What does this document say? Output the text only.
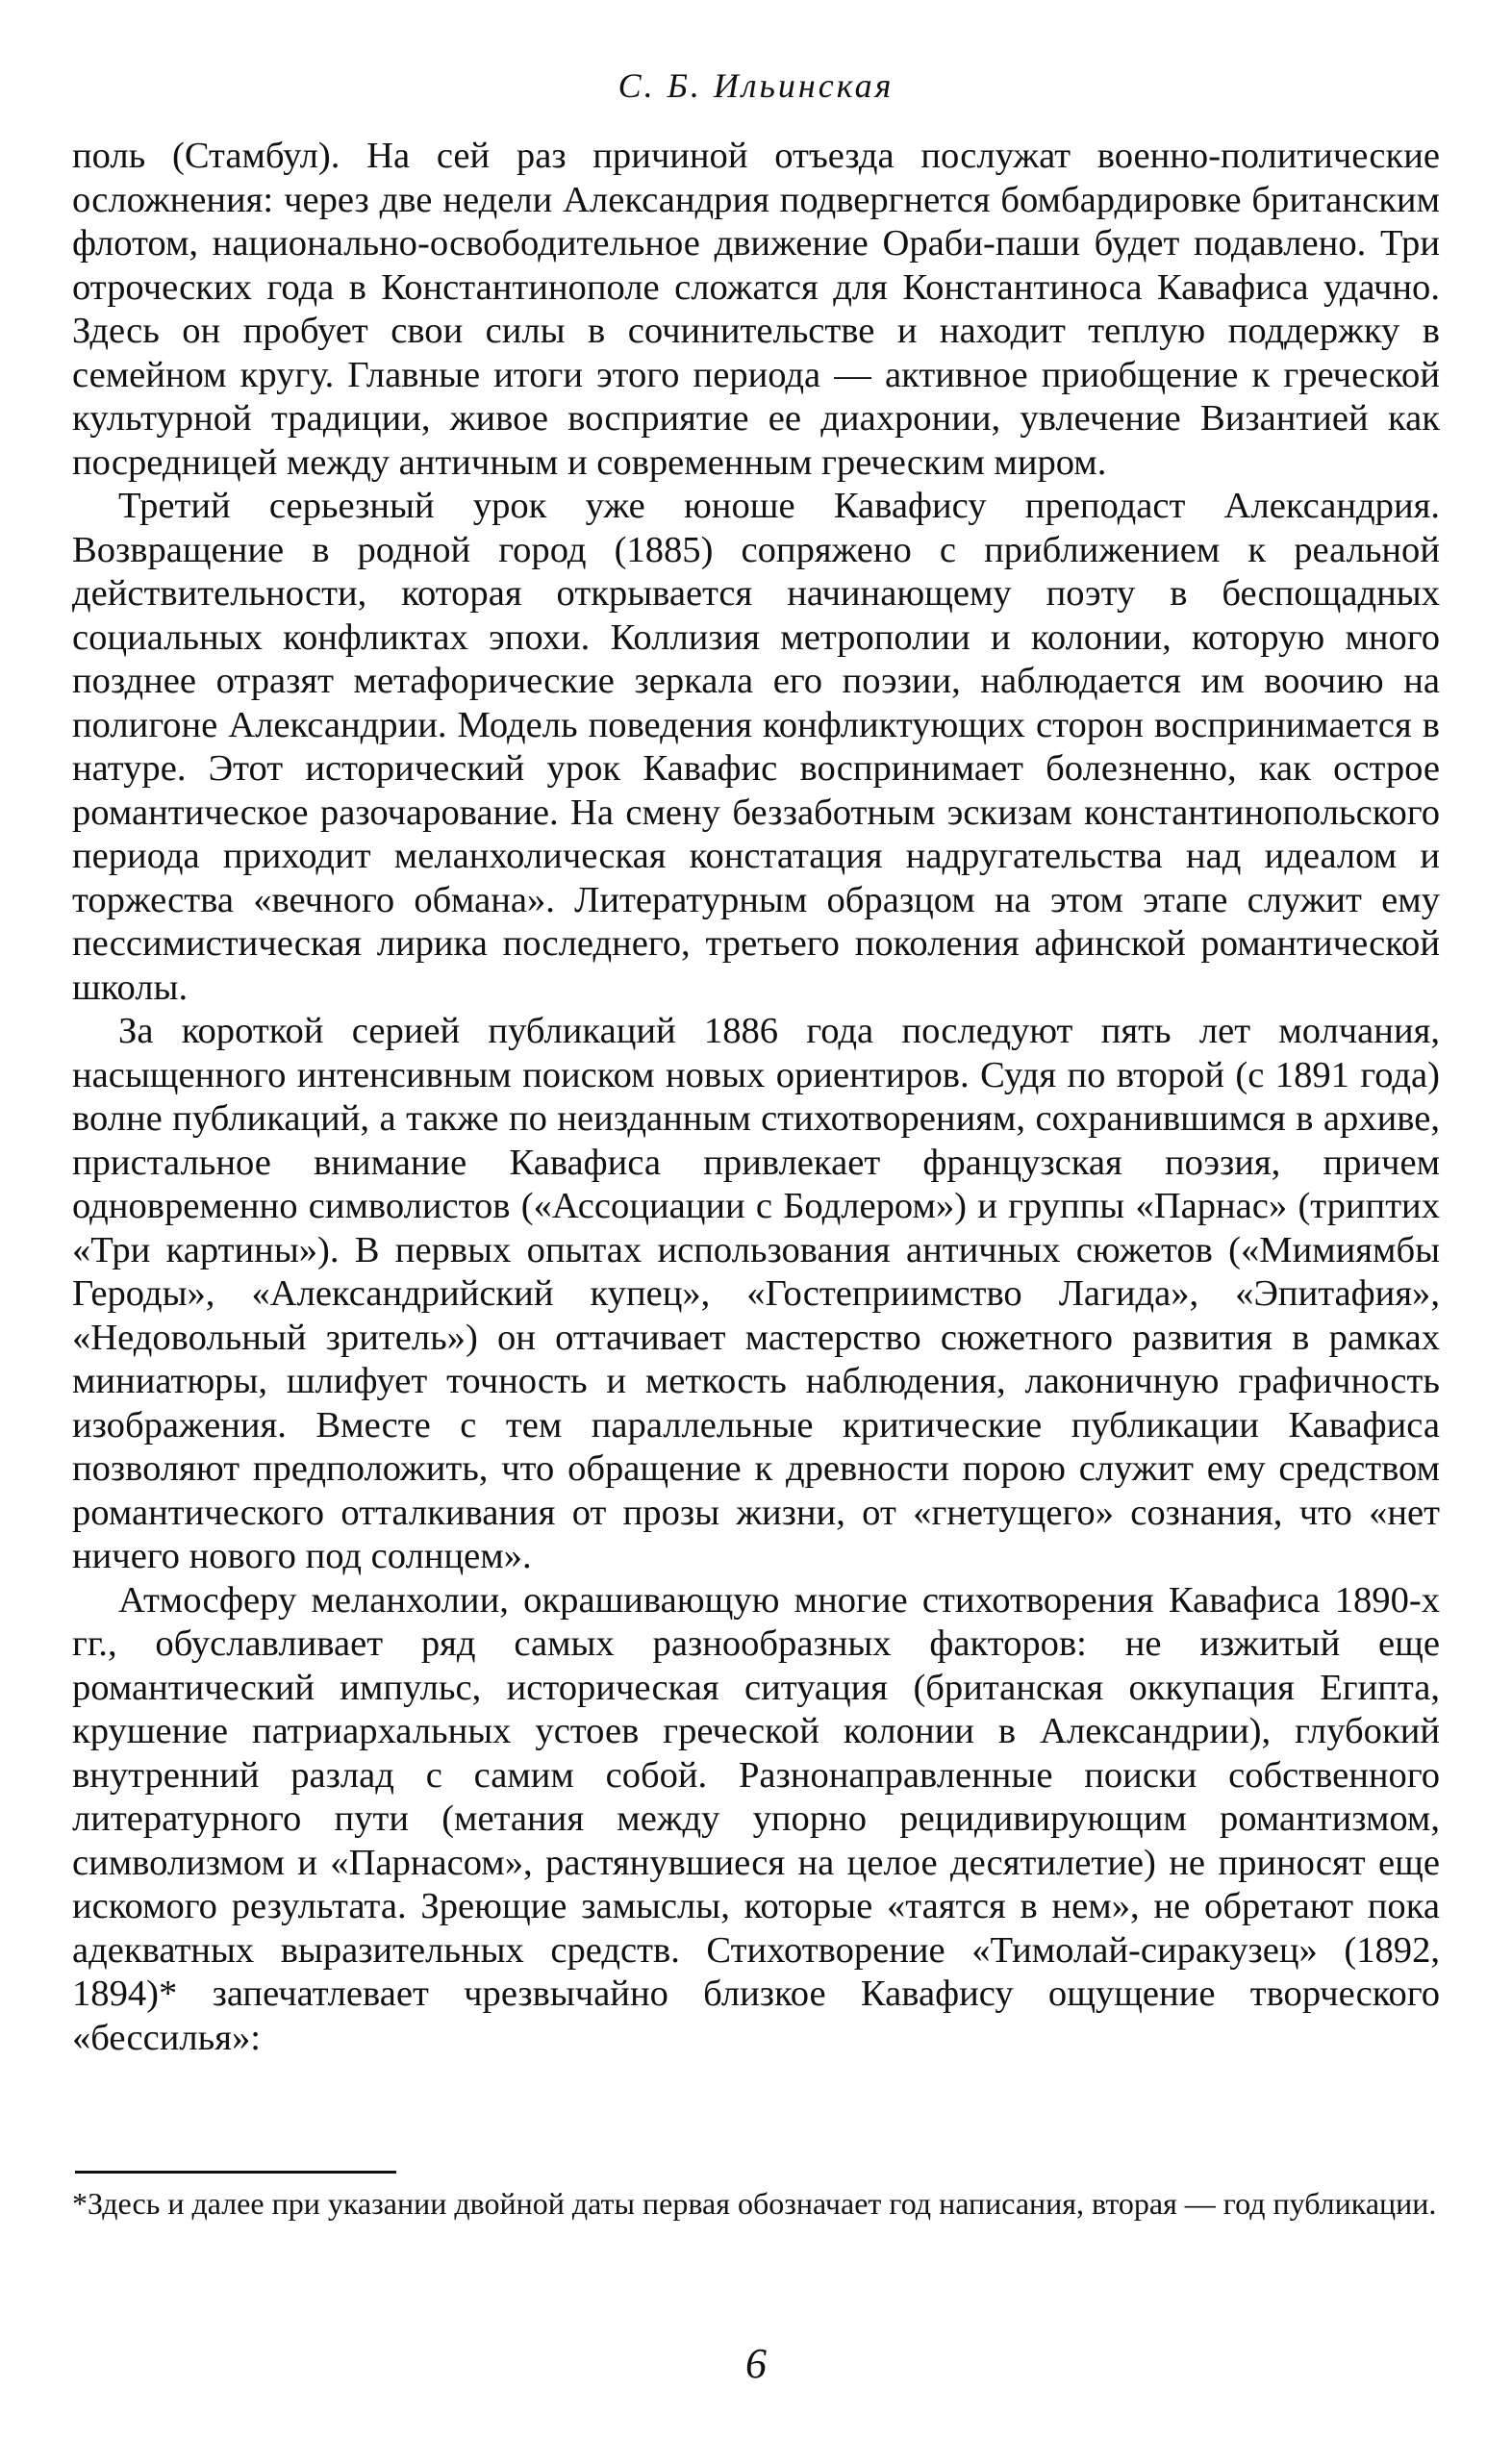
С. Б. Ильинская

поль (Стамбул). На сей раз причиной отъезда послужат военно-политические осложнения: через две недели Александрия подвергнется бомбардировке британским флотом, национально-освободительное движение Ораби-паши будет подавлено. Три отроческих года в Константинополе сложатся для Константиноса Кавафиса удачно. Здесь он пробует свои силы в сочинительстве и находит теплую поддержку в семейном кругу. Главные итоги этого периода — активное приобщение к греческой культурной традиции, живое восприятие ее диахронии, увлечение Византией как посредницей между античным и современным греческим миром.

Третий серьезный урок уже юноше Кавафису преподаст Александрия. Возвращение в родной город (1885) сопряжено с приближением к реальной действительности, которая открывается начинающему поэту в беспощадных социальных конфликтах эпохи. Коллизия метрополии и колонии, которую много позднее отразят метафорические зеркала его поэзии, наблюдается им воочию на полигоне Александрии. Модель поведения конфликтующих сторон воспринимается в натуре. Этот исторический урок Кавафис воспринимает болезненно, как острое романтическое разочарование. На смену беззаботным эскизам константинопольского периода приходит меланхолическая констатация надругательства над идеалом и торжества «вечного обмана». Литературным образцом на этом этапе служит ему пессимистическая лирика последнего, третьего поколения афинской романтической школы.

За короткой серией публикаций 1886 года последуют пять лет молчания, насыщенного интенсивным поиском новых ориентиров. Судя по второй (с 1891 года) волне публикаций, а также по неизданным стихотворениям, сохранившимся в архиве, пристальное внимание Кавафиса привлекает французская поэзия, причем одновременно символистов («Ассоциации с Бодлером») и группы «Парнас» (триптих «Три картины»). В первых опытах использования античных сюжетов («Мимиямбы Героды», «Александрийский купец», «Гостеприимство Лагида», «Эпитафия», «Недовольный зритель») он оттачивает мастерство сюжетного развития в рамках миниатюры, шлифует точность и меткость наблюдения, лаконичную графичность изображения. Вместе с тем параллельные критические публикации Кавафиса позволяют предположить, что обращение к древности порою служит ему средством романтического отталкивания от прозы жизни, от «гнетущего» сознания, что «нет ничего нового под солнцем».

Атмосферу меланхолии, окрашивающую многие стихотворения Кавафиса 1890-х гг., обуславливает ряд самых разнообразных факторов: не изжитый еще романтический импульс, историческая ситуация (британская оккупация Египта, крушение патриархальных устоев греческой колонии в Александрии), глубокий внутренний разлад с самим собой. Разнонаправленные поиски собственного литературного пути (метания между упорно рецидивирующим романтизмом, символизмом и «Парнасом», растянувшиеся на целое десятилетие) не приносят еще искомого результата. Зреющие замыслы, которые «таятся в нем», не обретают пока адекватных выразительных средств. Стихотворение «Тимолай-сиракузец» (1892, 1894)* запечатлевает чрезвычайно близкое Кавафису ощущение творческого «бессилья»:

*Здесь и далее при указании двойной даты первая обозначает год написания, вторая — год публикации.

6
